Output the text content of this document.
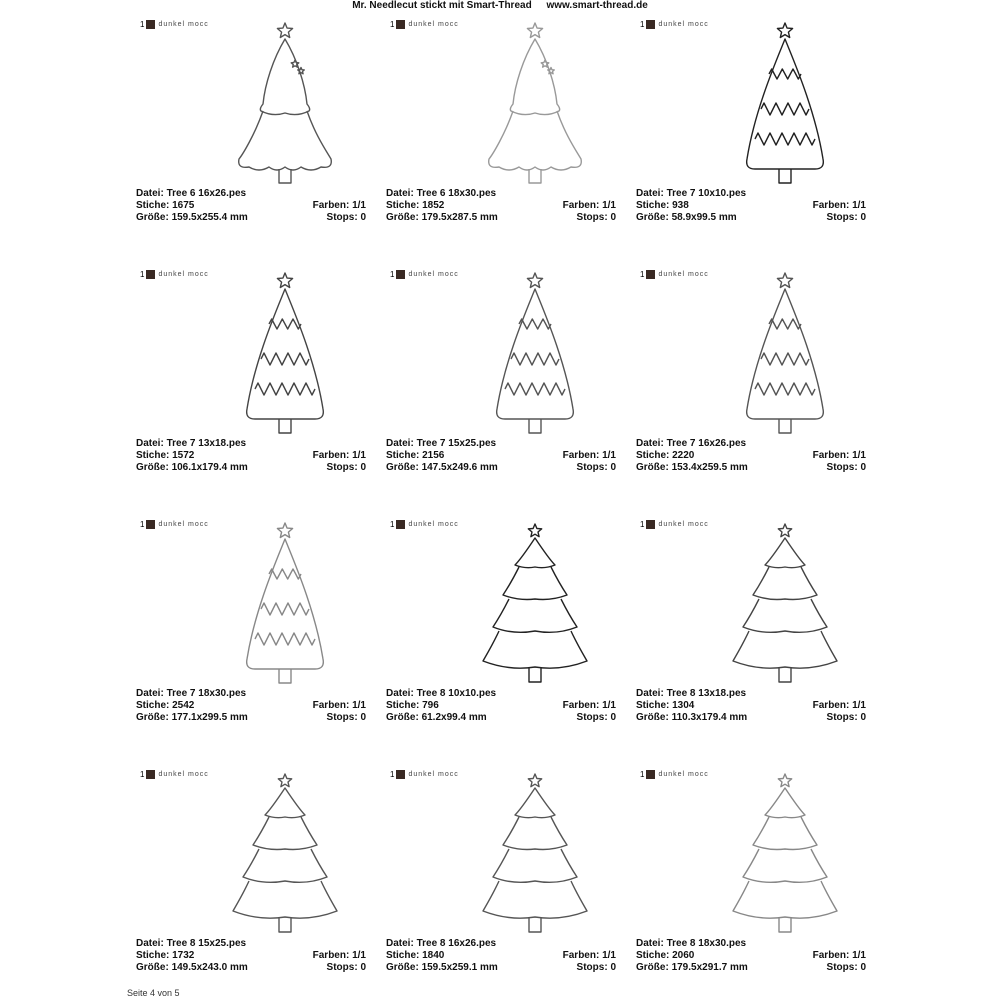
Mr. Needlecut stickt mit Smart-Thread www.smart-thread.de
1 dunkel mocc
Datei: Tree 6 16x26.pes
Stiche: 1675	Farben: 1/1
Größe: 159.5x255.4 mm	Stops: 0
1 dunkel mocc
Datei: Tree 6 18x30.pes
Stiche: 1852	Farben: 1/1
Größe: 179.5x287.5 mm	Stops: 0
1 dunkel mocc
Datei: Tree 7 10x10.pes
Stiche: 938	Farben: 1/1
Größe: 58.9x99.5 mm	Stops: 0
1 dunkel mocc
Datei: Tree 7 13x18.pes
Stiche: 1572	Farben: 1/1
Größe: 106.1x179.4 mm	Stops: 0
1 dunkel mocc
Datei: Tree 7 15x25.pes
Stiche: 2156	Farben: 1/1
Größe: 147.5x249.6 mm	Stops: 0
1 dunkel mocc
Datei: Tree 7 16x26.pes
Stiche: 2220	Farben: 1/1
Größe: 153.4x259.5 mm	Stops: 0
1 dunkel mocc
Datei: Tree 7 18x30.pes
Stiche: 2542	Farben: 1/1
Größe: 177.1x299.5 mm	Stops: 0
1 dunkel mocc
Datei: Tree 8 10x10.pes
Stiche: 796	Farben: 1/1
Größe: 61.2x99.4 mm	Stops: 0
1 dunkel mocc
Datei: Tree 8 13x18.pes
Stiche: 1304	Farben: 1/1
Größe: 110.3x179.4 mm	Stops: 0
1 dunkel mocc
Datei: Tree 8 15x25.pes
Stiche: 1732	Farben: 1/1
Größe: 149.5x243.0 mm	Stops: 0
1 dunkel mocc
Datei: Tree 8 16x26.pes
Stiche: 1840	Farben: 1/1
Größe: 159.5x259.1 mm	Stops: 0
1 dunkel mocc
Datei: Tree 8 18x30.pes
Stiche: 2060	Farben: 1/1
Größe: 179.5x291.7 mm	Stops: 0
Seite 4 von 5
